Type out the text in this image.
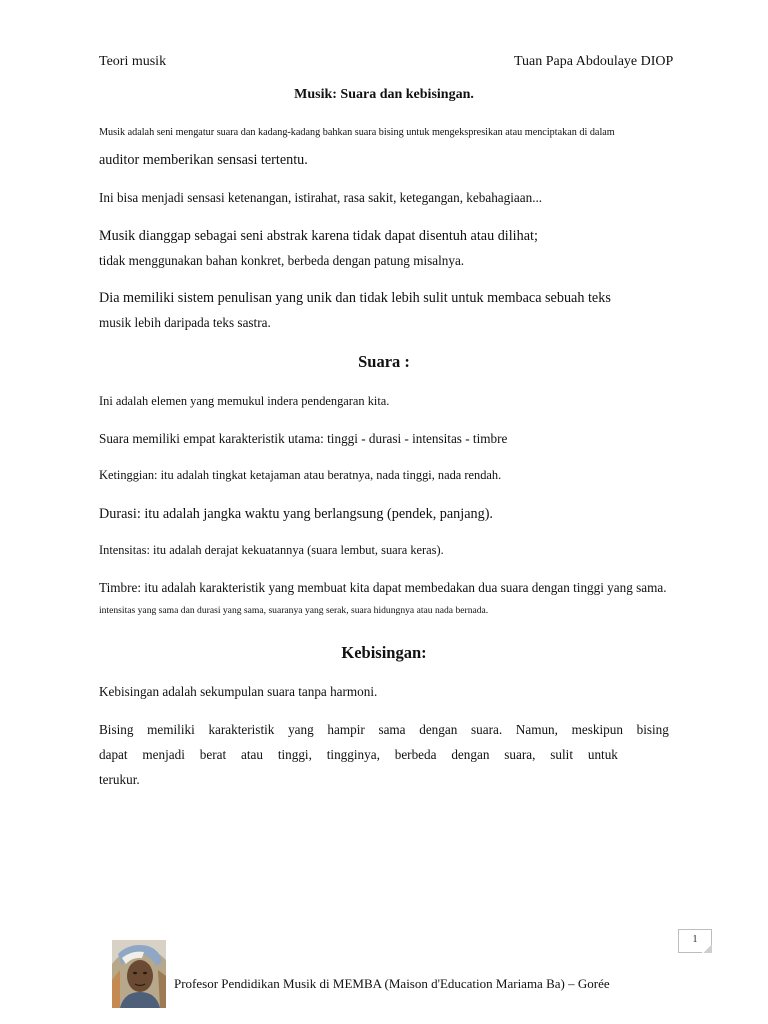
Teori musik	Tuan Papa Abdoulaye DIOP
Musik: Suara dan kebisingan.
Musik adalah seni mengatur suara dan kadang-kadang bahkan suara bising untuk mengekspresikan atau menciptakan di dalam
auditor memberikan sensasi tertentu.
Ini bisa menjadi sensasi ketenangan, istirahat, rasa sakit, ketegangan, kebahagiaan...
Musik dianggap sebagai seni abstrak karena tidak dapat disentuh atau dilihat;
tidak menggunakan bahan konkret, berbeda dengan patung misalnya.
Dia memiliki sistem penulisan yang unik dan tidak lebih sulit untuk membaca sebuah teks
musik lebih daripada teks sastra.
Suara :
Ini adalah elemen yang memukul indera pendengaran kita.
Suara memiliki empat karakteristik utama: tinggi - durasi - intensitas - timbre
Ketinggian: itu adalah tingkat ketajaman atau beratnya, nada tinggi, nada rendah.
Durasi: itu adalah jangka waktu yang berlangsung (pendek, panjang).
Intensitas: itu adalah derajat kekuatannya (suara lembut, suara keras).
Timbre: itu adalah karakteristik yang membuat kita dapat membedakan dua suara dengan tinggi yang sama.
intensitas yang sama dan durasi yang sama, suaranya yang serak, suara hidungnya atau nada bernada.
Kebisingan:
Kebisingan adalah sekumpulan suara tanpa harmoni.
Bising memiliki karakteristik yang hampir sama dengan suara. Namun, meskipun bising
dapat menjadi berat atau tinggi, tingginya, berbeda dengan suara, sulit untuk
terukur.
1
Profesor Pendidikan Musik di MEMBA (Maison d'Education Mariama Ba) – Gorée
